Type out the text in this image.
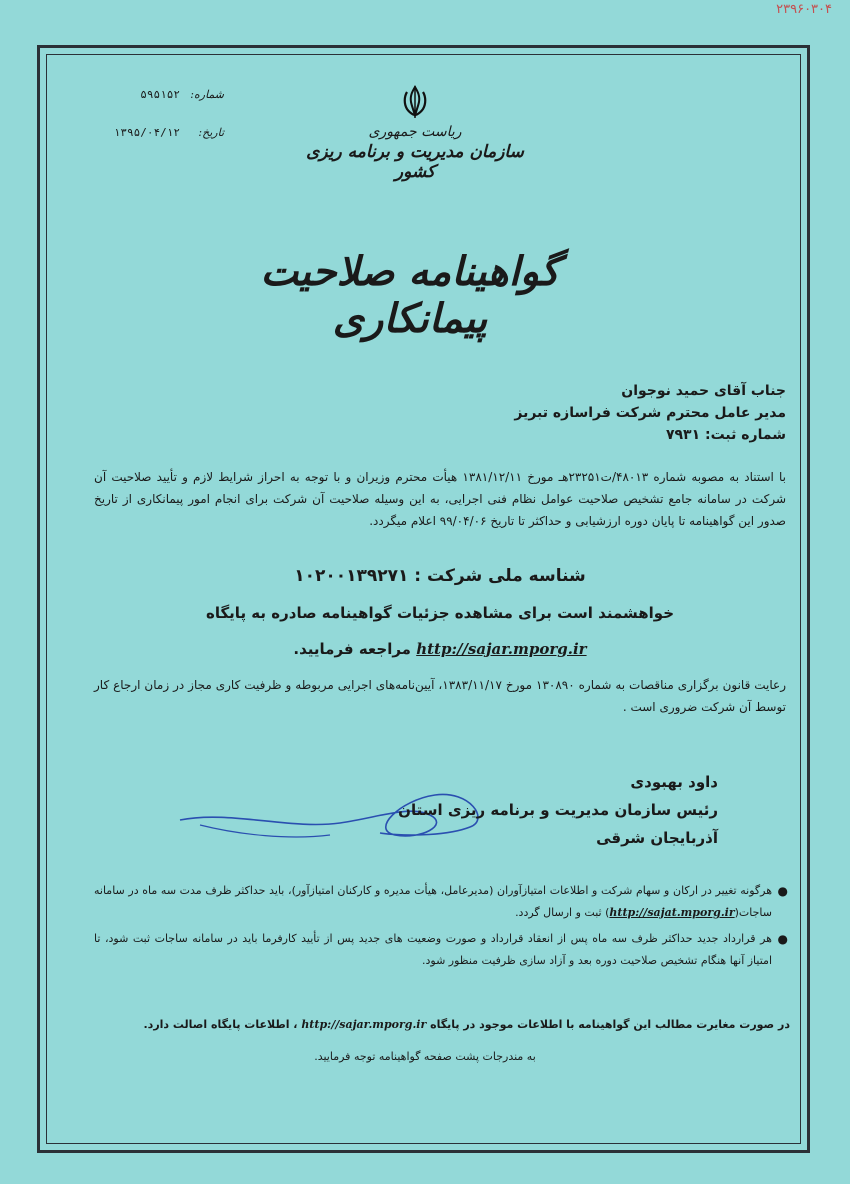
۲۳۹۶۰۳۰۴
شماره:
۵۹۵۱۵۲
تاریخ:
۱۳۹۵/۰۴/۱۲	ریاست جمهوری
سازمان مدیریت و برنامه ریزی کشور
گواهینامه صلاحیت پیمانکاری
جناب آقای حمید نوجوان
مدیر عامل محترم شرکت فراسازه تبریز
شماره ثبت: ۷۹۳۱
با استناد به مصوبه شماره ۴۸۰۱۳/ت۲۳۲۵۱هـ مورخ ۱۳۸۱/۱۲/۱۱ هیأت محترم وزیران و با توجه به احراز شرایط لازم و تأیید صلاحیت آن شرکت در سامانه جامع تشخیص صلاحیت عوامل نظام فنی اجرایی، به این وسیله صلاحیت آن شرکت برای انجام امور پیمانکاری از تاریخ صدور این گواهینامه تا پایان دوره ارزشیابی و حداکثر تا تاریخ ۹۹/۰۴/۰۶ اعلام میگردد.
شناسه ملی شرکت : ۱۰۲۰۰۱۳۹۲۷۱
خواهشمند است برای مشاهده جزئیات گواهینامه صادره به پایگاه
http://sajar.mporg.ir مراجعه فرمایید.
رعایت قانون برگزاری مناقصات به شماره ۱۳۰۸۹۰ مورخ ۱۳۸۳/۱۱/۱۷، آیین‌نامه‌های اجرایی مربوطه و ظرفیت کاری مجاز در زمان ارجاع کار توسط آن شرکت ضروری است .
داود بهبودی
رئیس سازمان مدیریت و برنامه ریزی استان
آذربایجان شرقی
●
هرگونه تغییر در ارکان و سهام شرکت و اطلاعات امتیازآوران (مدیرعامل، هیأت مدیره و کارکنان امتیازآور)، باید حداکثر ظرف مدت سه ماه در سامانه ساجات(http://sajat.mporg.ir) ثبت و ارسال گردد.
●
هر قرارداد جدید حداکثر ظرف سه ماه پس از انعقاد قرارداد و صورت وضعیت های جدید پس از تأیید کارفرما باید در سامانه ساجات ثبت شود، تا امتیاز آنها هنگام تشخیص صلاحیت دوره بعد و آزاد سازی ظرفیت منظور شود.
در صورت مغایرت مطالب این گواهینامه با اطلاعات موجود در پایگاه http://sajar.mporg.ir ، اطلاعات پایگاه اصالت دارد.
به مندرجات پشت صفحه گواهینامه توجه فرمایید.
